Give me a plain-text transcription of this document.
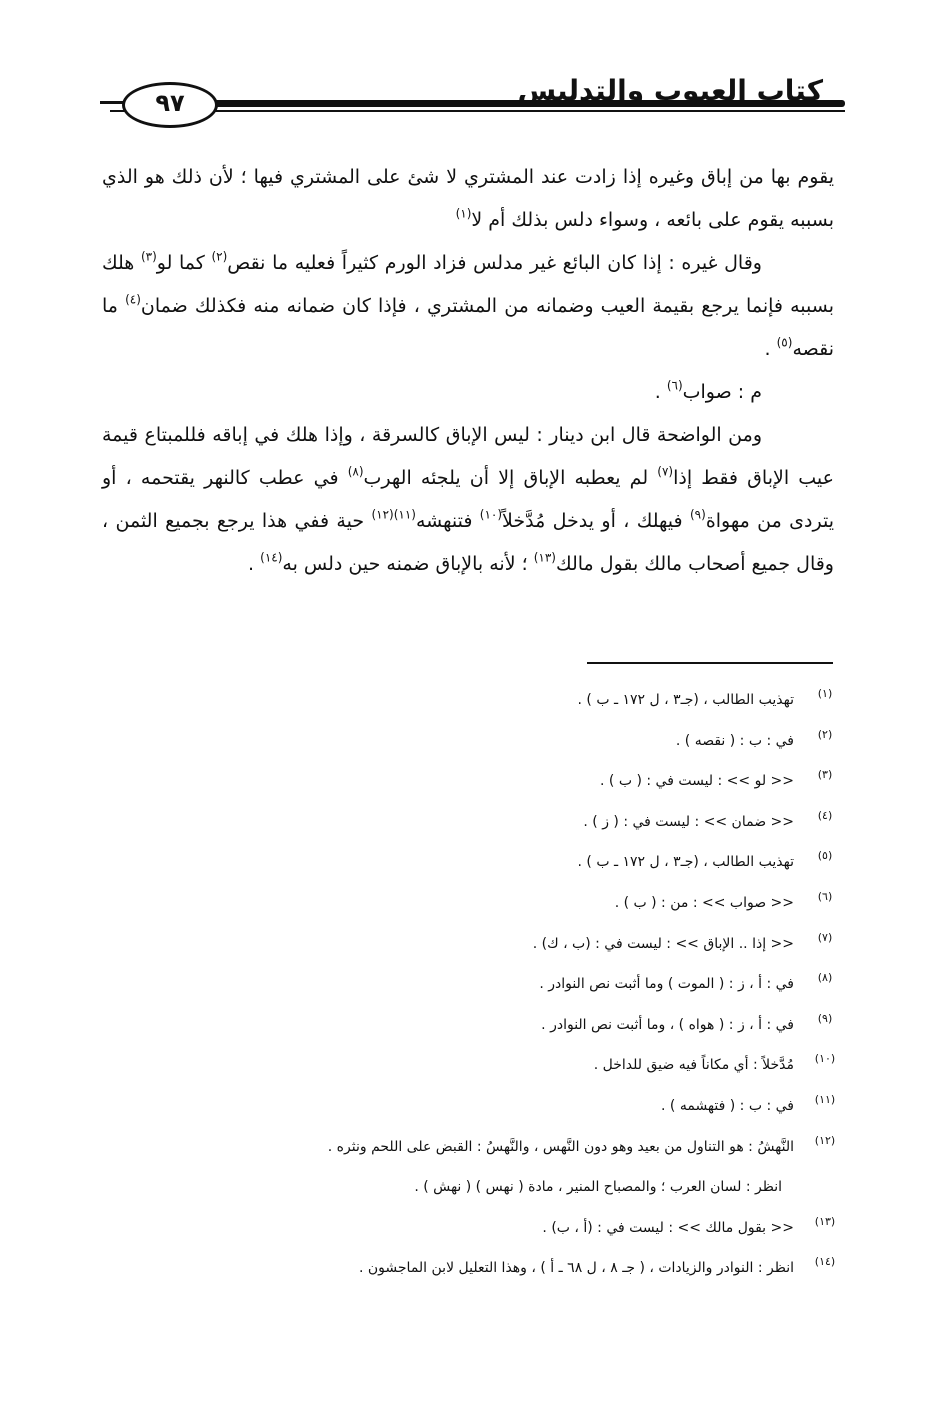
كتاب العيوب والتدليس
٩٧

يقوم بها من إباق وغيره إذا زادت عند المشتري لا شئ على المشتري فيها ؛ لأن ذلك هو الذي بسببه يقوم على بائعه ، وسواء دلس بذلك أم لا$^{(١)}$

وقال غيره : إذا كان البائع غير مدلس فزاد الورم كثيراً فعليه ما نقص$^{(٢)}$ كما لو$^{(٣)}$ هلك بسببه فإنما يرجع بقيمة العيب وضمانه من المشتري ، فإذا كان ضمانه منه فكذلك ضمان$^{(٤)}$ ما نقصه$^{(٥)}$ .

م : صواب$^{(٦)}$ .

ومن الواضحة قال ابن دينار : ليس الإباق كالسرقة ، وإذا هلك في إباقه فللمبتاع قيمة عيب الإباق فقط إذا$^{(٧)}$ لم يعطبه الإباق إلا أن يلجئه الهرب$^{(٨)}$ في عطب كالنهر يقتحمه ، أو يتردى من مهواة$^{(٩)}$ فيهلك ، أو يدخل مُدَّخلاً$^{(١٠)}$ فتنهشه$^{(١١)(١٢)}$ حية ففي هذا يرجع بجميع الثمن ، وقال جميع أصحاب مالك بقول مالك$^{(١٣)}$ ؛ لأنه بالإباق ضمنه حين دلس به$^{(١٤)}$ .

(١)
تهذيب الطالب ، (جـ٣ ، ل ١٧٢ ـ ب ) .
(٢)
في : ب : ( نقصه ) .
(٣)
<< لو >> : ليست في : ( ب ) .
(٤)
<< ضمان >> : ليست في : ( ز ) .
(٥)
تهذيب الطالب ، (جـ٣ ، ل ١٧٢ ـ ب ) .
(٦)
<< صواب >> : من : ( ب ) .
(٧)
<< إذا .. الإباق >> : ليست في : (ب ، ك) .
(٨)
في : أ ، ز : ( الموت ) وما أثبت نص النوادر .
(٩)
في : أ ، ز : ( هواه ) ، وما أثبت نص النوادر .
(١٠)
مُدَّخلاً : أي مكاناً فيه ضيق للداخل .
(١١)
في : ب : ( فتهشمه ) .
(١٢)
النَّهشُ : هو التناول من بعيد وهو دون النَّهس ، والنَّهسُ : القبض على اللحم ونثره .
انظر : لسان العرب ؛ والمصباح المنير ، مادة ( نهس ) ( نهش ) .
(١٣)
<< بقول مالك >> : ليست في : (أ ، ب) .
(١٤)
انظر : النوادر والزيادات ، ( جـ ٨ ، ل ٦٨ ـ أ ) ، وهذا التعليل لابن الماجشون .
